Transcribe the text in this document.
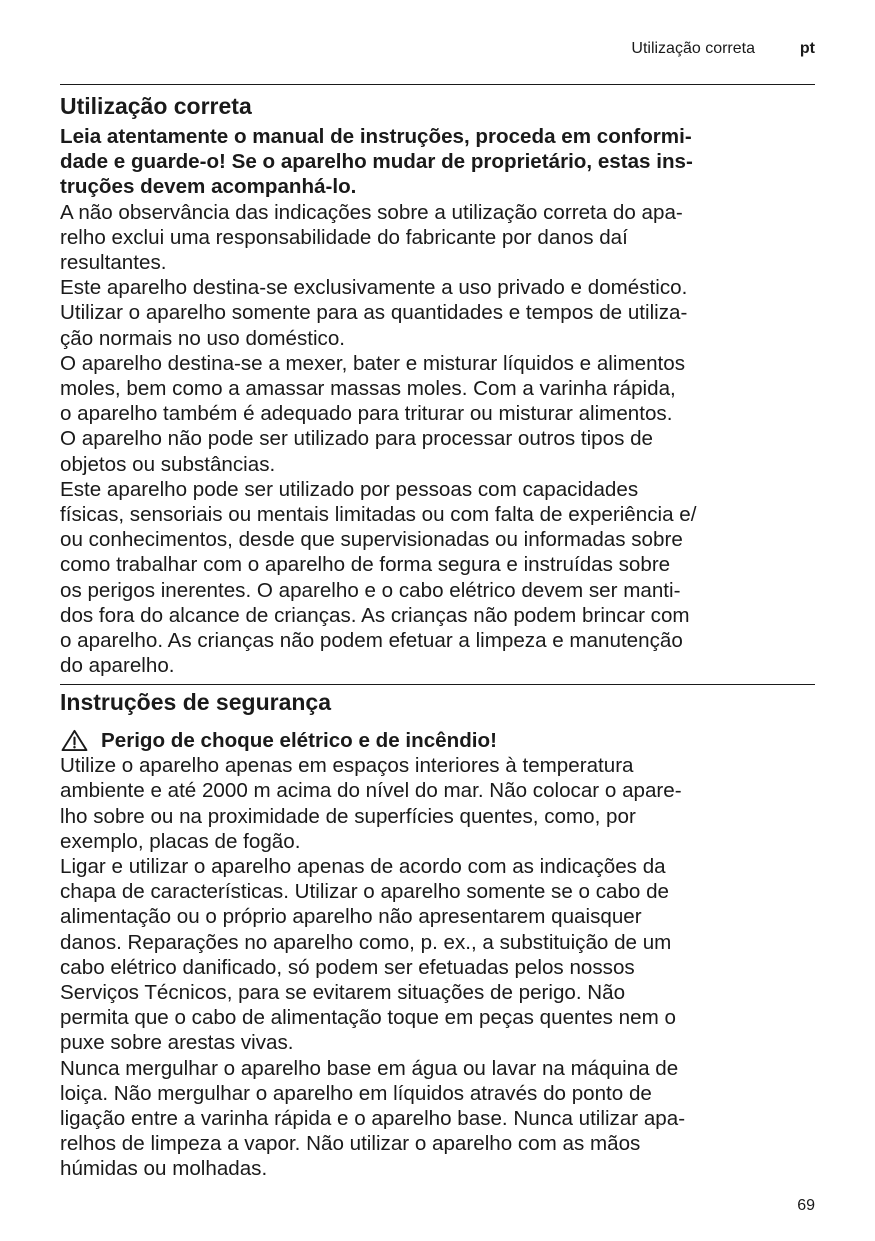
Utilização correta	pt
Utilização correta
Leia atentamente o manual de instruções, proceda em conformi-
dade e guarde-o! Se o aparelho mudar de proprietário, estas ins-
truções devem acompanhá-lo.
A não observância das indicações sobre a utilização correta do apa-
relho exclui uma responsabilidade do fabricante por danos daí
resultantes.
Este aparelho destina-se exclusivamente a uso privado e doméstico.
Utilizar o aparelho somente para as quantidades e tempos de utiliza-
ção normais no uso doméstico.
O aparelho destina-se a mexer, bater e misturar líquidos e alimentos
moles, bem como a amassar massas moles. Com a varinha rápida,
o aparelho também é adequado para triturar ou misturar alimentos.
O aparelho não pode ser utilizado para processar outros tipos de
objetos ou substâncias.
Este aparelho pode ser utilizado por pessoas com capacidades
físicas, sensoriais ou mentais limitadas ou com falta de experiência e/
ou conhecimentos, desde que supervisionadas ou informadas sobre
como trabalhar com o aparelho de forma segura e instruídas sobre
os perigos inerentes. O aparelho e o cabo elétrico devem ser manti-
dos fora do alcance de crianças. As crianças não podem brincar com
o aparelho. As crianças não podem efetuar a limpeza e manutenção
do aparelho.
Instruções de segurança
Perigo de choque elétrico e de incêndio!
Utilize o aparelho apenas em espaços interiores à temperatura
ambiente e até 2000 m acima do nível do mar. Não colocar o apare-
lho sobre ou na proximidade de superfícies quentes, como, por
exemplo, placas de fogão.
Ligar e utilizar o aparelho apenas de acordo com as indicações da
chapa de características. Utilizar o aparelho somente se o cabo de
alimentação ou o próprio aparelho não apresentarem quaisquer
danos. Reparações no aparelho como, p. ex., a substituição de um
cabo elétrico danificado, só podem ser efetuadas pelos nossos
Serviços Técnicos, para se evitarem situações de perigo. Não
permita que o cabo de alimentação toque em peças quentes nem o
puxe sobre arestas vivas.
Nunca mergulhar o aparelho base em água ou lavar na máquina de
loiça. Não mergulhar o aparelho em líquidos através do ponto de
ligação entre a varinha rápida e o aparelho base. Nunca utilizar apa-
relhos de limpeza a vapor. Não utilizar o aparelho com as mãos
húmidas ou molhadas.
69
